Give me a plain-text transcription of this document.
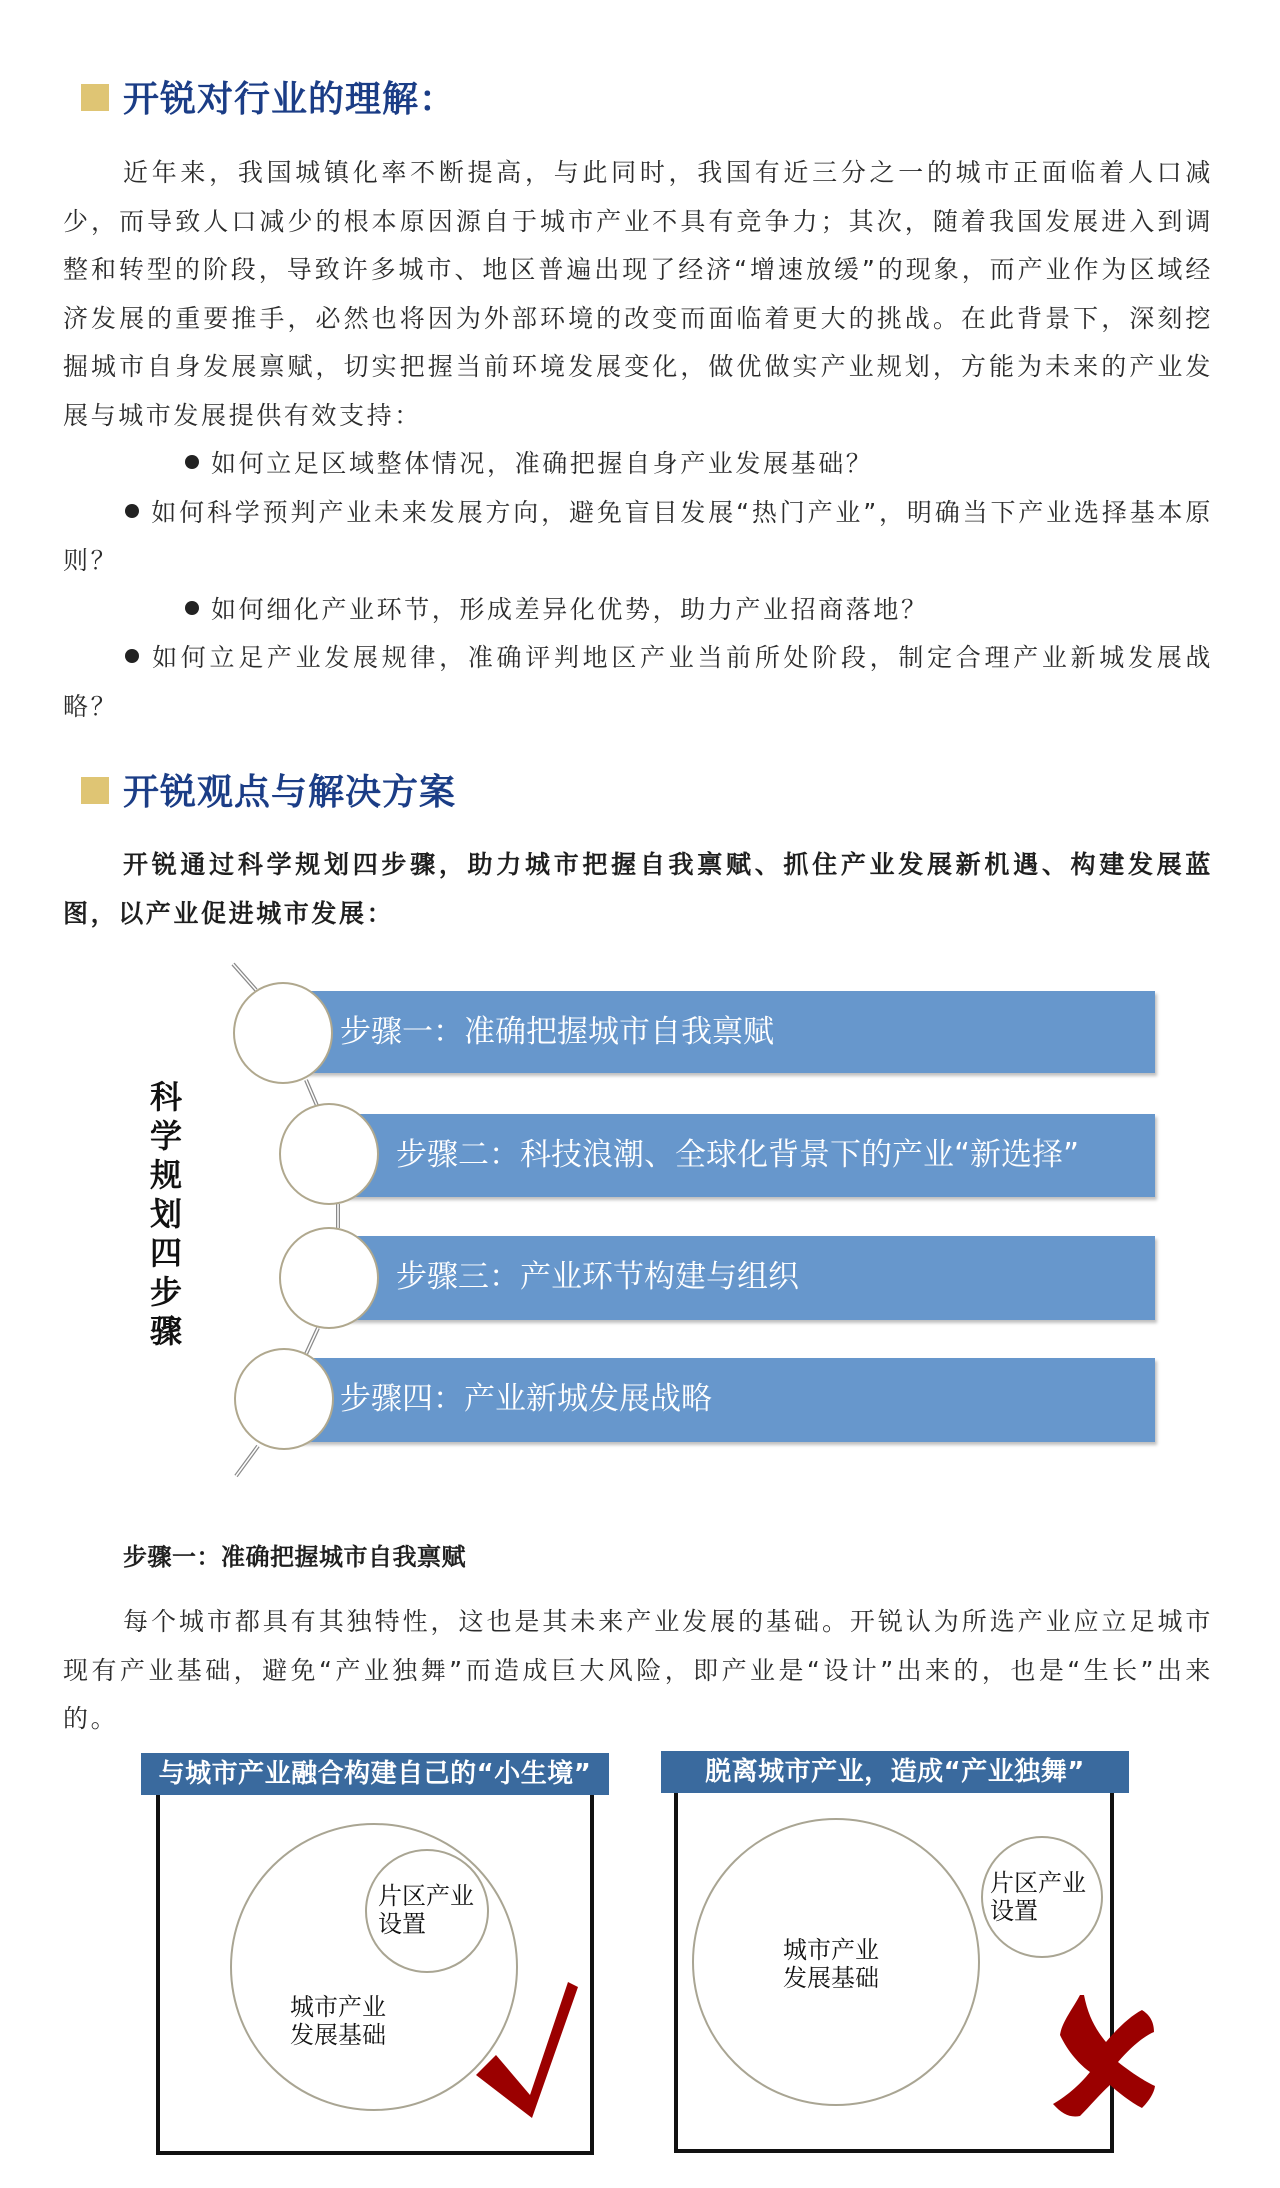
开锐对行业的理解：

近年来，我国城镇化率不断提高，与此同时，我国有近三分之一的城市正面临着人口减少，而导致人口减少的根本原因源自于城市产业不具有竞争力；其次，随着我国发展进入到调整和转型的阶段，导致许多城市、地区普遍出现了经济“增速放缓”的现象，而产业作为区域经济发展的重要推手，必然也将因为外部环境的改变而面临着更大的挑战。在此背景下，深刻挖掘城市自身发展禀赋，切实把握当前环境发展变化，做优做实产业规划，方能为未来的产业发展与城市发展提供有效支持：

如何立足区域整体情况，准确把握自身产业发展基础？

如何科学预判产业未来发展方向，避免盲目发展“热门产业”，明确当下产业选择基本原则？

如何细化产业环节，形成差异化优势，助力产业招商落地？

如何立足产业发展规律，准确评判地区产业当前所处阶段，制定合理产业新城发展战略？

开锐观点与解决方案

开锐通过科学规划四步骤，助力城市把握自我禀赋、抓住产业发展新机遇、构建发展蓝图，以产业促进城市发展：

步骤一：准确把握城市自我禀赋
步骤二：科技浪潮、全球化背景下的产业“新选择”
步骤三：产业环节构建与组织
步骤四：产业新城发展战略
科
学
规
划
四
步
骤
步骤一：准确把握城市自我禀赋

每个城市都具有其独特性，这也是其未来产业发展的基础。开锐认为所选产业应立足城市现有产业基础，避免“产业独舞”而造成巨大风险，即产业是“设计”出来的，也是“生长”出来的。

与城市产业融合构建自己的“小生境”
片区产业
设置
城市产业
发展基础
脱离城市产业，造成“产业独舞”
片区产业
设置
城市产业
发展基础
